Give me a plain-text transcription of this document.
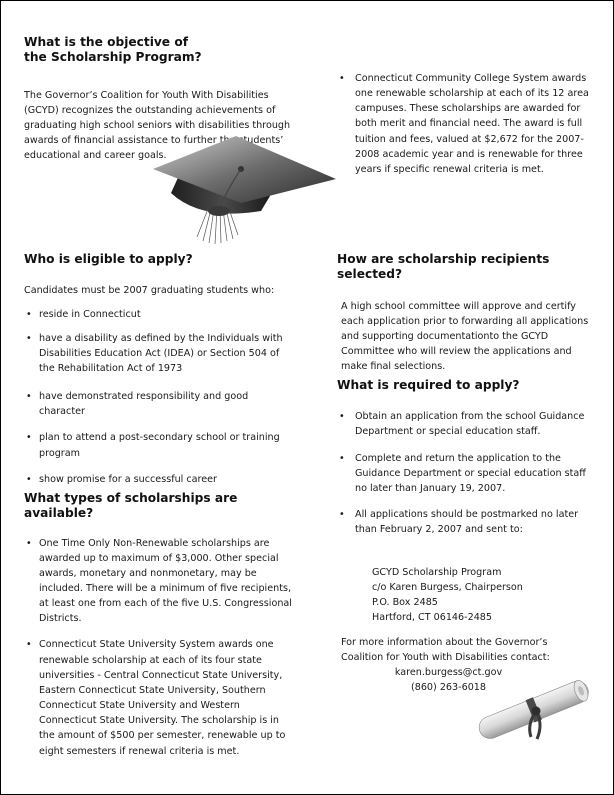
What is the objective of
the Scholarship Program?

The Governor’s Coalition for Youth With Disabilities (GCYD) recognizes the outstanding achievements of graduating high school seniors with disabilities through awards of financial assistance to further the students’ educational and career goals.

• Connecticut Community College System awards one renewable scholarship at each of its 12 area campuses. These scholarships are awarded for both merit and financial need. The award is full tuition and fees, valued at $2,672 for the 2007-2008 academic year and is renewable for three years if specific renewal criteria is met.
Who is eligible to apply?

Candidates must be 2007 graduating students who:

• reside in Connecticut
• have a disability as defined by the Individuals with Disabilities Education Act (IDEA) or Section 504 of the Rehabilitation Act of 1973
• have demonstrated responsibility and good character
• plan to attend a post-secondary school or training program
• show promise for a successful career
What types of scholarships are
available?
• One Time Only Non-Renewable scholarships are awarded up to maximum of $3,000. Other special awards, monetary and nonmonetary, may be included. There will be a minimum of five recipients, at least one from each of the five U.S. Congressional Districts.
• Connecticut State University System awards one renewable scholarship at each of its four state universities - Central Connecticut State University, Eastern Connecticut State University, Southern Connecticut State University and Western Connecticut State University. The scholarship is in the amount of $500 per semester, renewable up to eight semesters if renewal criteria is met.
How are scholarship recipients selected?

A high school committee will approve and certify each application prior to forwarding all applications and supporting documentationto the GCYD Committee who will review the applications and make final selections.

What is required to apply?
• Obtain an application from the school Guidance Department or special education staff.
• Complete and return the application to the Guidance Department or special education staff no later than January 19, 2007.
• All applications should be postmarked no later than February 2, 2007 and sent to:

GCYD Scholarship Program

c/o Karen Burgess, Chairperson

P.O. Box 2485

Hartford, CT 06146-2485

For more information about the Governor’s

Coalition for Youth with Disabilities contact:

karen.burgess@ct.gov

(860) 263-6018
